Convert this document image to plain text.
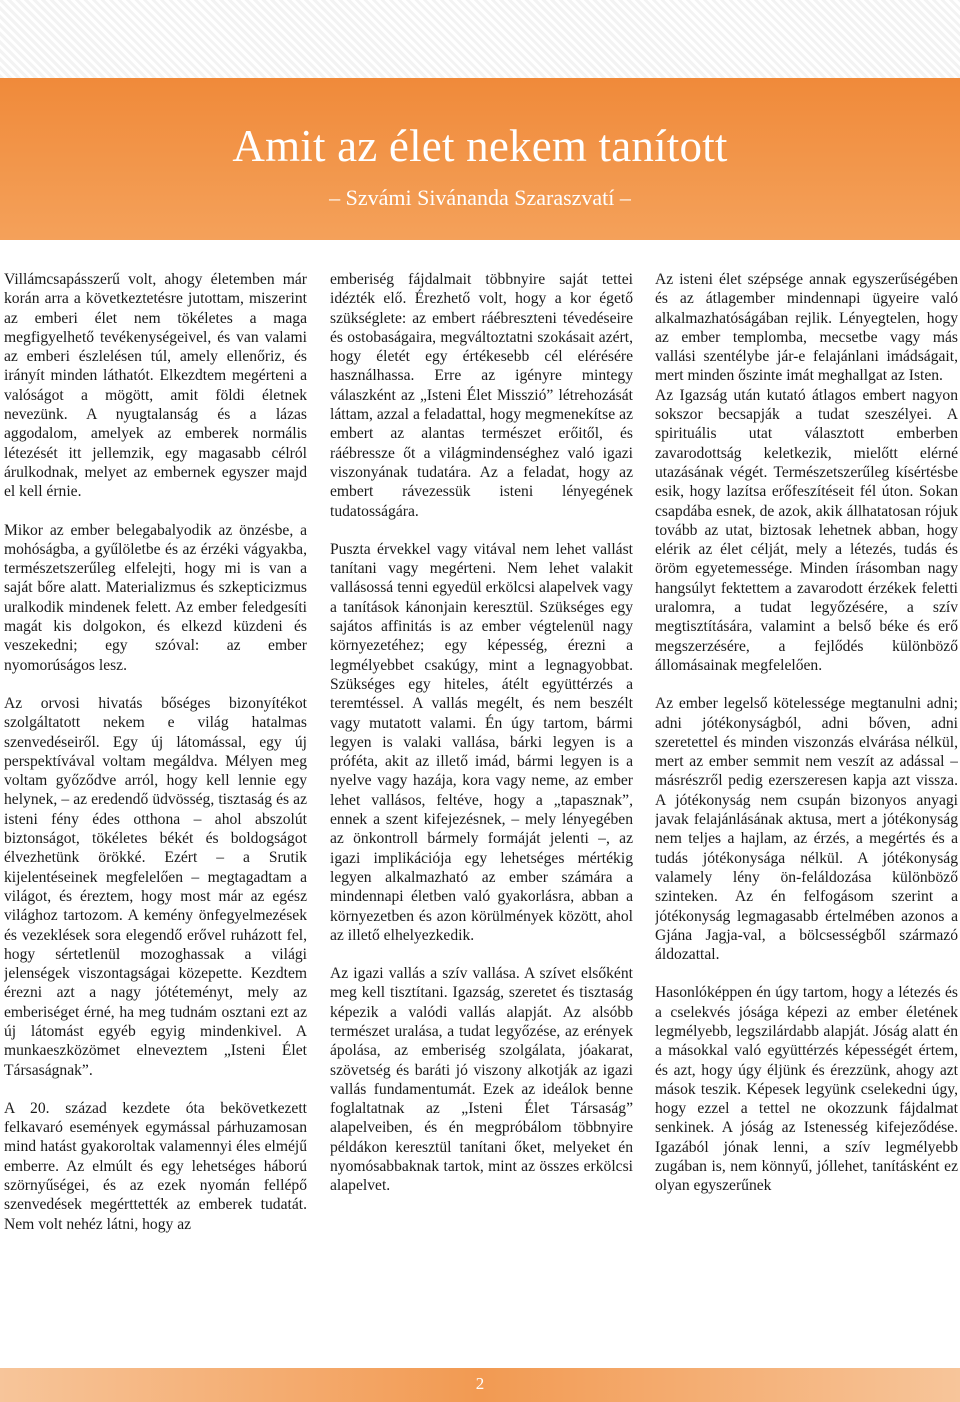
Amit az élet nekem tanított
– Szvámi Sivánanda Szaraszvatí –

Villámcsapásszerű volt, ahogy életemben már korán arra a következtetésre jutottam, miszerint az emberi élet nem tökéletes a maga megfigyelhető tevékenységeivel, és van valami az emberi észlelésen túl, amely ellenőriz, és irányít minden láthatót. Elkezdtem megérteni a valóságot a mögött, amit földi életnek nevezünk. A nyugtalanság és a lázas aggodalom, amelyek az emberek normális létezését itt jellemzik, egy magasabb célról árulkodnak, melyet az embernek egyszer majd el kell érnie.

Mikor az ember belegabalyodik az önzésbe, a mohóságba, a gyűlöletbe és az érzéki vágyakba, természetszerűleg elfelejti, hogy mi is van a saját bőre alatt. Materializmus és szkepticizmus uralkodik mindenek felett. Az ember feledgesíti magát kis dolgokon, és elkezd küzdeni és veszekedni; egy szóval: az ember nyomorúságos lesz.

Az orvosi hivatás bőséges bizonyítékot szolgáltatott nekem e világ hatalmas szenvedéseiről. Egy új látomással, egy új perspektívával voltam megáldva. Mélyen meg voltam győződve arról, hogy kell lennie egy helynek, – az eredendő üdvösség, tisztaság és az isteni fény édes otthona – ahol abszolút biztonságot, tökéletes békét és boldogságot élvezhetünk örökké. Ezért – a Srutik kijelentéseinek megfelelően – megtagadtam a világot, és éreztem, hogy most már az egész világhoz tartozom. A kemény önfegyelmezések és vezeklések sora elegendő erővel ruházott fel, hogy sértetlenül mozoghassak a világi jelenségek viszontagságai közepette. Kezdtem érezni azt a nagy jótéteményt, mely az emberiséget érné, ha meg tudnám osztani ezt az új látomást egyéb egyig mindenkivel. A munkaeszközömet elneveztem „Isteni Élet Társaságnak”.

A 20. század kezdete óta bekövetkezett felkavaró események egymással párhuzamosan mind hatást gyakoroltak valamennyi éles elméjű emberre. Az elmúlt és egy lehetséges háború szörnyűségei, és az ezek nyomán fellépő szenvedések megérttették az emberek tudatát. Nem volt nehéz látni, hogy az

emberiség fájdalmait többnyire saját tettei idézték elő. Érezhető volt, hogy a kor égető szükséglete: az embert ráébreszteni tévedéseire és ostobaságaira, megváltoztatni szokásait azért, hogy életét egy értékesebb cél elérésére használhassa. Erre az igényre mintegy válaszként az „Isteni Élet Misszió” létrehozását láttam, azzal a feladattal, hogy megmenekítse az embert az alantas természet erőitől, és ráébressze őt a világmindenséghez való igazi viszonyának tudatára. Az a feladat, hogy az embert rávezessük isteni lényegének tudatosságára.

Puszta érvekkel vagy vitával nem lehet vallást tanítani vagy megérteni. Nem lehet valakit vallásossá tenni egyedül erkölcsi alapelvek vagy a tanítások kánonjain keresztül. Szükséges egy sajátos affinitás is az ember végtelenül nagy környezetéhez; egy képesség, érezni a legmélyebbet csakúgy, mint a legnagyobbat. Szükséges egy hiteles, átélt együttérzés a teremtéssel. A vallás megélt, és nem beszélt vagy mutatott valami. Én úgy tartom, bármi legyen is valaki vallása, bárki legyen is a próféta, akit az illető imád, bármi legyen is a nyelve vagy hazája, kora vagy neme, az ember lehet vallásos, feltéve, hogy a „tapasznak”, ennek a szent kifejezésnek, – mely lényegében az önkontroll bármely formáját jelenti –, az igazi implikációja egy lehetséges mértékig legyen alkalmazható az ember számára a mindennapi életben való gyakorlásra, abban a környezetben és azon körülmények között, ahol az illető elhelyezkedik.

Az igazi vallás a szív vallása. A szívet elsőként meg kell tisztítani. Igazság, szeretet és tisztaság képezik a valódi vallás alapját. Az alsóbb természet uralása, a tudat legyőzése, az erények ápolása, az emberiség szolgálata, jóakarat, szövetség és baráti jó viszony alkotják az igazi vallás fundamentumát. Ezek az ideálok benne foglaltatnak az „Isteni Élet Társaság” alapelveiben, és én megpróbálom többnyire példákon keresztül tanítani őket, melyeket én nyomósabbaknak tartok, mint az összes erkölcsi alapelvet.

Az isteni élet szépsége annak egyszerűségében és az átlagember mindennapi ügyeire való alkalmazhatóságában rejlik. Lényegtelen, hogy az ember templomba, mecsetbe vagy más vallási szentélybe jár-e felajánlani imádságait, mert minden őszinte imát meghallgat az Isten.
Az Igazság után kutató átlagos embert nagyon sokszor becsapják a tudat szeszélyei. A spirituális utat választott emberben zavarodottság keletkezik, mielőtt elérné utazásának végét. Természetszerűleg kísértésbe esik, hogy lazítsa erőfeszítéseit fél úton. Sokan csapdába esnek, de azok, akik állhatatosan rójuk tovább az utat, biztosak lehetnek abban, hogy elérik az élet célját, mely a létezés, tudás és öröm egyetemessége. Minden írásomban nagy hangsúlyt fektettem a zavarodott érzékek feletti uralomra, a tudat legyőzésére, a szív megtisztítására, valamint a belső béke és erő megszerzésére, a fejlődés különböző állomásainak megfelelően.

Az ember legelső kötelessége megtanulni adni; adni jótékonyságból, adni bőven, adni szeretettel és minden viszonzás elvárása nélkül, mert az ember semmit nem veszít az adással – másrészről pedig ezerszeresen kapja azt vissza. A jótékonyság nem csupán bizonyos anyagi javak felajánlásának aktusa, mert a jótékonyság nem teljes a hajlam, az érzés, a megértés és a tudás jótékonysága nélkül. A jótékonyság valamely lény ön-feláldozása különböző szinteken. Az én felfogásom szerint a jótékonyság legmagasabb értelmében azonos a Gjána Jagja-val, a bölcsességből származó áldozattal.

Hasonlóképpen én úgy tartom, hogy a létezés és a cselekvés jósága képezi az ember életének legmélyebb, legszilárdabb alapját. Jóság alatt én a másokkal való együttérzés képességét értem, és azt, hogy úgy éljünk és érezzünk, ahogy azt mások teszik. Képesek legyünk cselekedni úgy, hogy ezzel a tettel ne okozzunk fájdalmat senkinek. A jóság az Istenesség kifejeződése. Igazából jónak lenni, a szív legmélyebb zugában is, nem könnyű, jóllehet, tanításként ez olyan egyszerűnek

2
